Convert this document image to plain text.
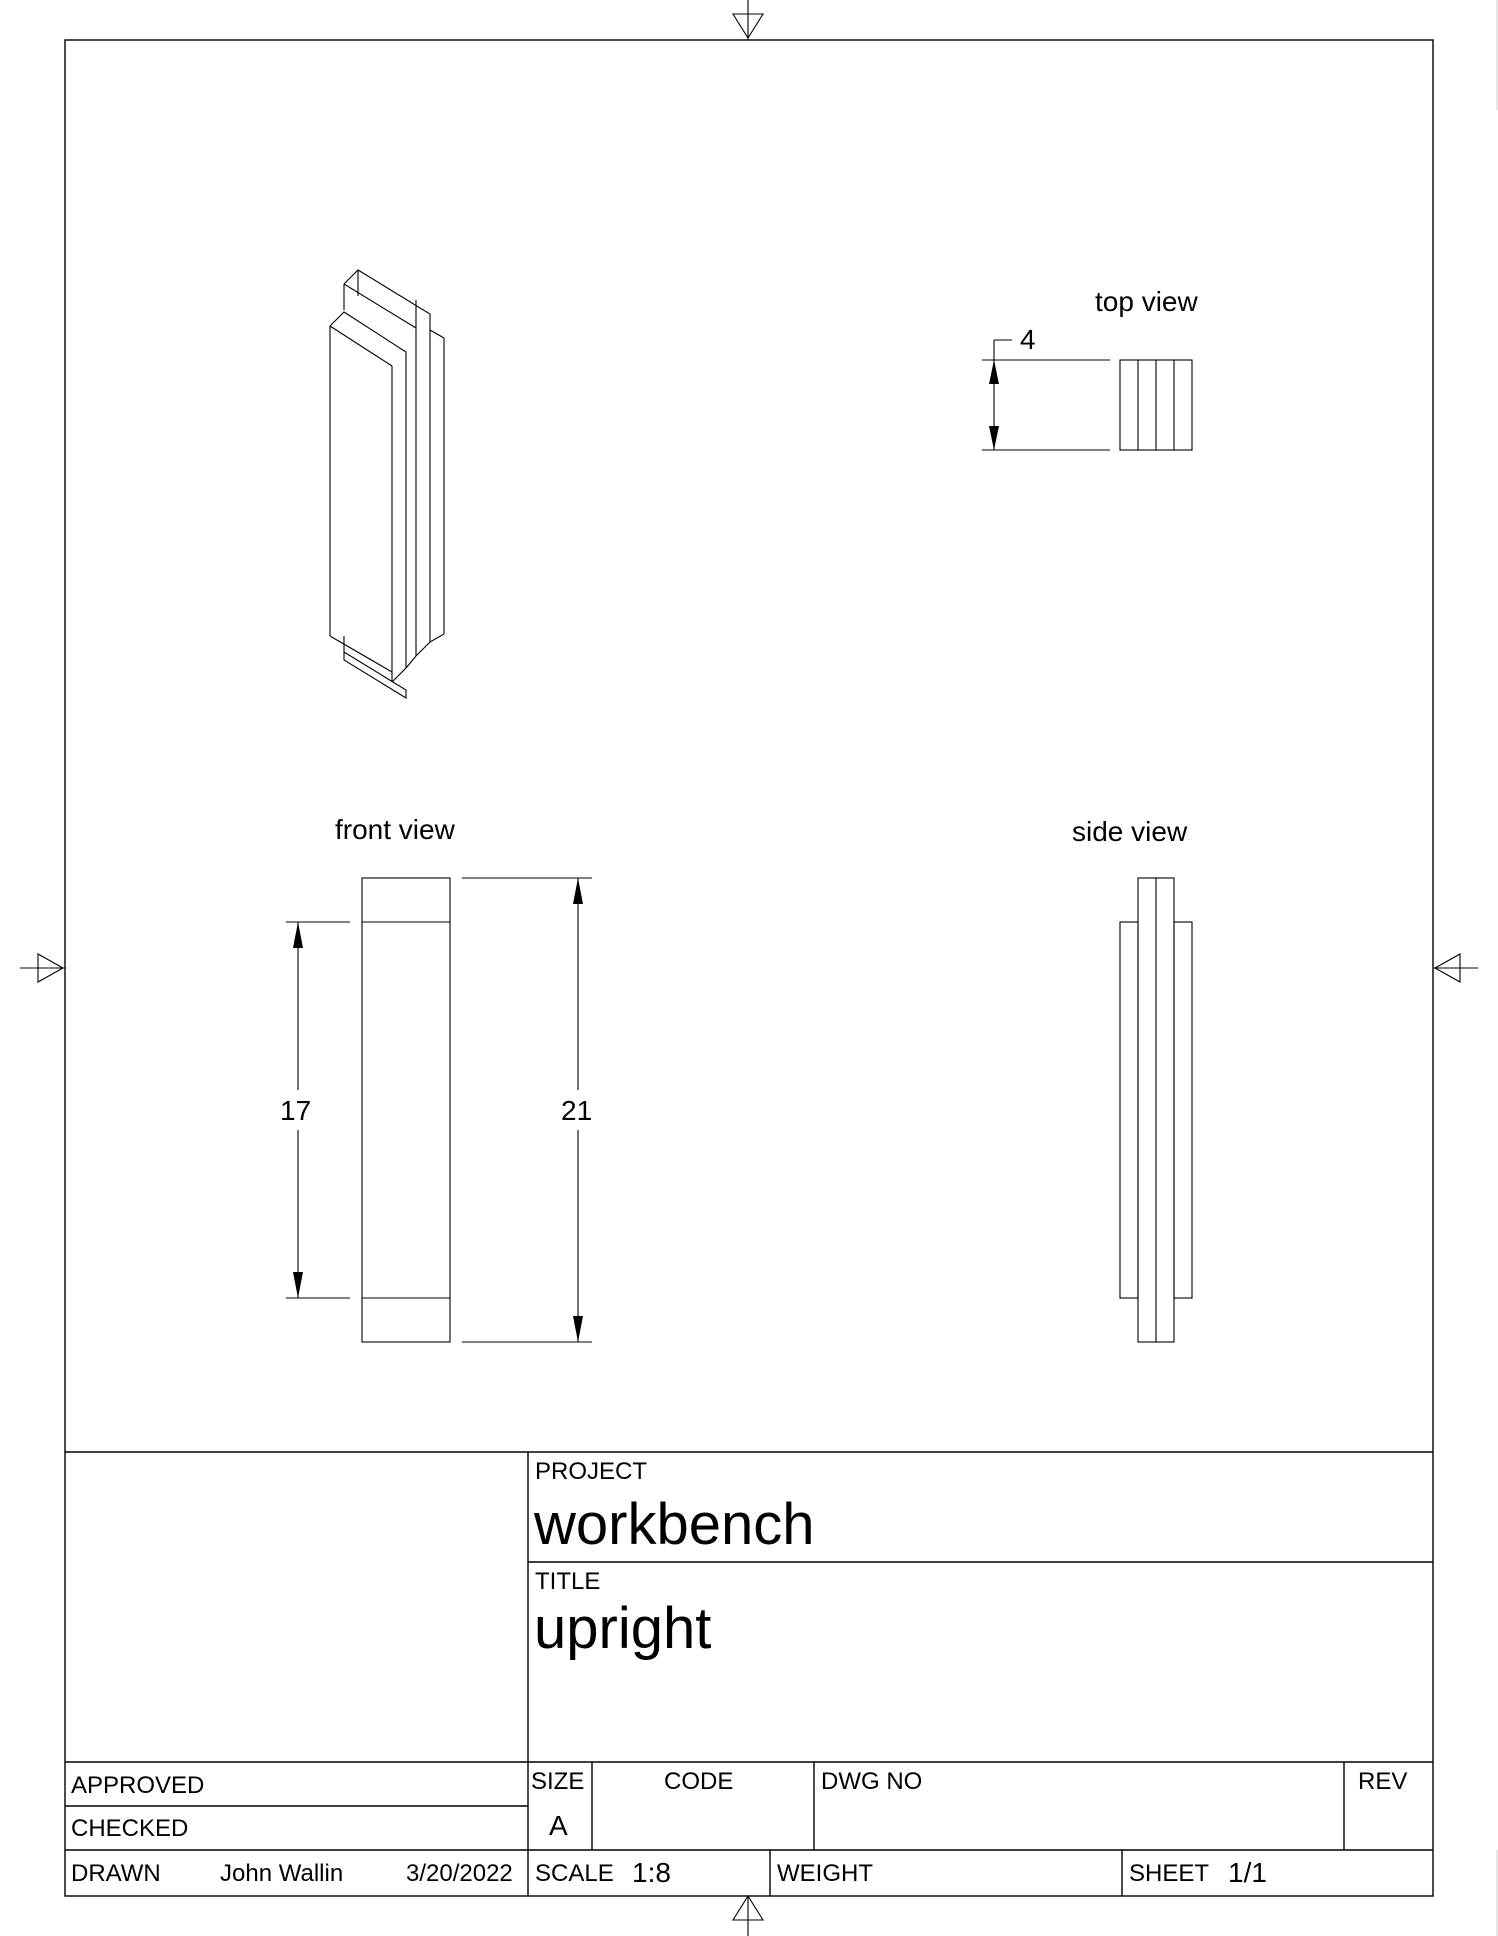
top view
front view	side view
4
17	21
PROJECT
workbench
TITLE
upright
APPROVED
CHECKED
DRAWN John Wallin	3/20/2022
SIZE
A
CODE	DWG NO	REV
SCALE 1:8	WEIGHT	SHEET 1/1
